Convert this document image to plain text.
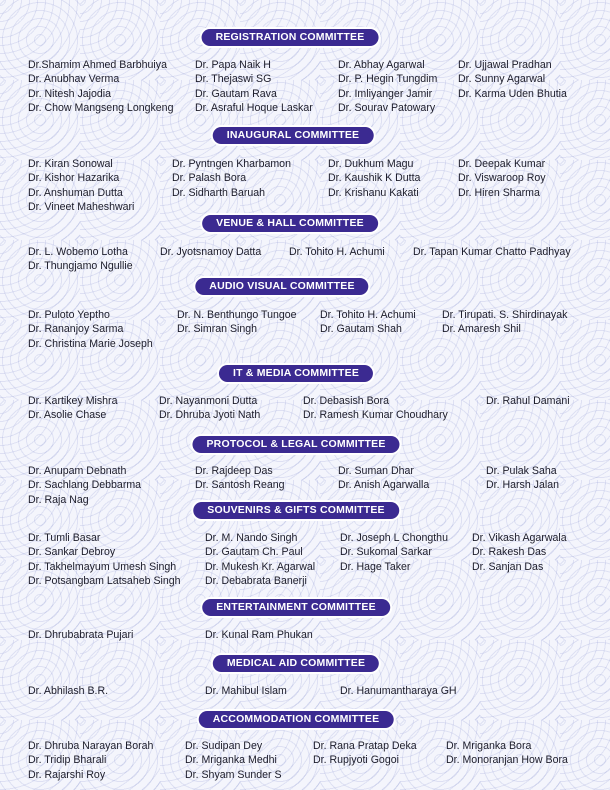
REGISTRATION COMMITTEE
Dr.Shamim Ahmed Barbhuiya	Dr. Papa Naik H	Dr. Abhay Agarwal	Dr. Ujjawal Pradhan
Dr. Anubhav Verma	Dr. Thejaswi SG	Dr. P. Hegin Tungdim Dr. Sunny Agarwal
Dr. Nitesh Jajodia	Dr. Gautam Rava	Dr. Imliyanger Jamir Dr. Karma Uden Bhutia
Dr. Chow Mangseng Longkeng Dr. Asraful Hoque Laskar Dr. Sourav Patowary
INAUGURAL COMMITTEE
Dr. Kiran Sonowal	Dr. Pyntngen Kharbamon	Dr. Dukhum Magu	Dr. Deepak Kumar
Dr. Kishor Hazarika	Dr. Palash Bora	Dr. Kaushik K Dutta	Dr. Viswaroop Roy
Dr. Anshuman Dutta	Dr. Sidharth Baruah	Dr. Krishanu Kakati	Dr. Hiren Sharma
Dr. Vineet Maheshwari
VENUE & HALL COMMITTEE
Dr. L. Wobemo Lotha	Dr. Jyotsnamoy Datta	Dr. Tohito H. Achumi	Dr. Tapan Kumar Chatto Padhyay
Dr. Thungjamo Ngullie
AUDIO VISUAL COMMITTEE
Dr. Puloto Yeptho	Dr. N. Benthungo Tungoe Dr. Tohito H. Achumi Dr. Tirupati. S. Shirdinayak
Dr. Rananjoy Sarma	Dr. Simran Singh	Dr. Gautam Shah	Dr. Amaresh Shil
Dr. Christina Marie Joseph
IT & MEDIA COMMITTEE
Dr. Kartikey Mishra	Dr. Nayanmoni Dutta	Dr. Debasish Bora	Dr. Rahul Damani
Dr. Asolie Chase	Dr. Dhruba Jyoti Nath	Dr. Ramesh Kumar Choudhary
PROTOCOL & LEGAL COMMITTEE
Dr. Anupam Debnath	Dr. Rajdeep Das	Dr. Suman Dhar	Dr. Pulak Saha
Dr. Sachlang Debbarma	Dr. Santosh Reang	Dr. Anish Agarwalla	Dr. Harsh Jalan
Dr. Raja Nag
SOUVENIRS & GIFTS COMMITTEE
Dr. Tumli Basar	Dr. M. Nando Singh	Dr. Joseph L Chongthu Dr. Vikash Agarwala
Dr. Sankar Debroy	Dr. Gautam Ch. Paul	Dr. Sukomal Sarkar	Dr. Rakesh Das
Dr. Takhelmayum Umesh Singh	Dr. Mukesh Kr. Agarwal Dr. Hage Taker	Dr. Sanjan Das
Dr. Potsangbam Latsaheb Singh Dr. Debabrata Banerji
ENTERTAINMENT COMMITTEE
Dr. Dhrubabrata Pujari	Dr. Kunal Ram Phukan
MEDICAL AID COMMITTEE
Dr. Abhilash B.R.	Dr. Mahibul Islam	Dr. Hanumantharaya GH
ACCOMMODATION COMMITTEE
Dr. Dhruba Narayan Borah	Dr. Sudipan Dey	Dr. Rana Pratap Deka	Dr. Mriganka Bora
Dr. Tridip Bharali	Dr. Mriganka Medhi	Dr. Rupjyoti Gogoi	Dr. Monoranjan How Bora
Dr. Rajarshi Roy	Dr. Shyam Sunder S
